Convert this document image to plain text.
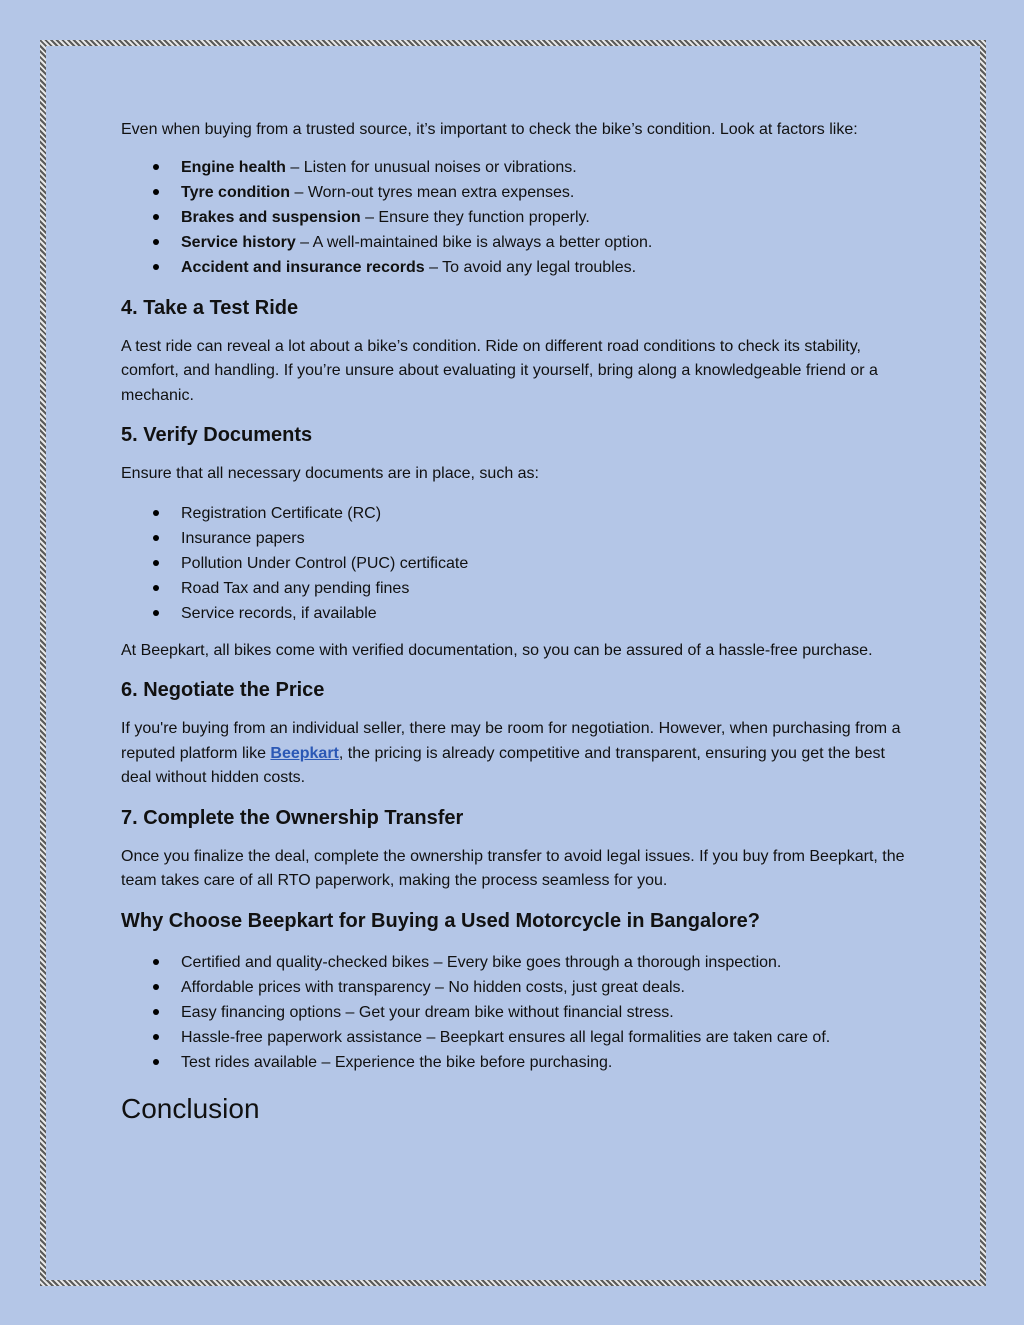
Even when buying from a trusted source, it’s important to check the bike’s condition. Look at factors like:

Engine health – Listen for unusual noises or vibrations.
Tyre condition – Worn-out tyres mean extra expenses.
Brakes and suspension – Ensure they function properly.
Service history – A well-maintained bike is always a better option.
Accident and insurance records – To avoid any legal troubles.
4. Take a Test Ride

A test ride can reveal a lot about a bike’s condition. Ride on different road conditions to check its stability, comfort, and handling. If you’re unsure about evaluating it yourself, bring along a knowledgeable friend or a mechanic.

5. Verify Documents

Ensure that all necessary documents are in place, such as:

Registration Certificate (RC)
Insurance papers
Pollution Under Control (PUC) certificate
Road Tax and any pending fines
Service records, if available

At Beepkart, all bikes come with verified documentation, so you can be assured of a hassle-free purchase.

6. Negotiate the Price

If you're buying from an individual seller, there may be room for negotiation. However, when purchasing from a reputed platform like Beepkart, the pricing is already competitive and transparent, ensuring you get the best deal without hidden costs.

7. Complete the Ownership Transfer

Once you finalize the deal, complete the ownership transfer to avoid legal issues. If you buy from Beepkart, the team takes care of all RTO paperwork, making the process seamless for you.

Why Choose Beepkart for Buying a Used Motorcycle in Bangalore?
Certified and quality-checked bikes – Every bike goes through a thorough inspection.
Affordable prices with transparency – No hidden costs, just great deals.
Easy financing options – Get your dream bike without financial stress.
Hassle-free paperwork assistance – Beepkart ensures all legal formalities are taken care of.
Test rides available – Experience the bike before purchasing.
Conclusion
